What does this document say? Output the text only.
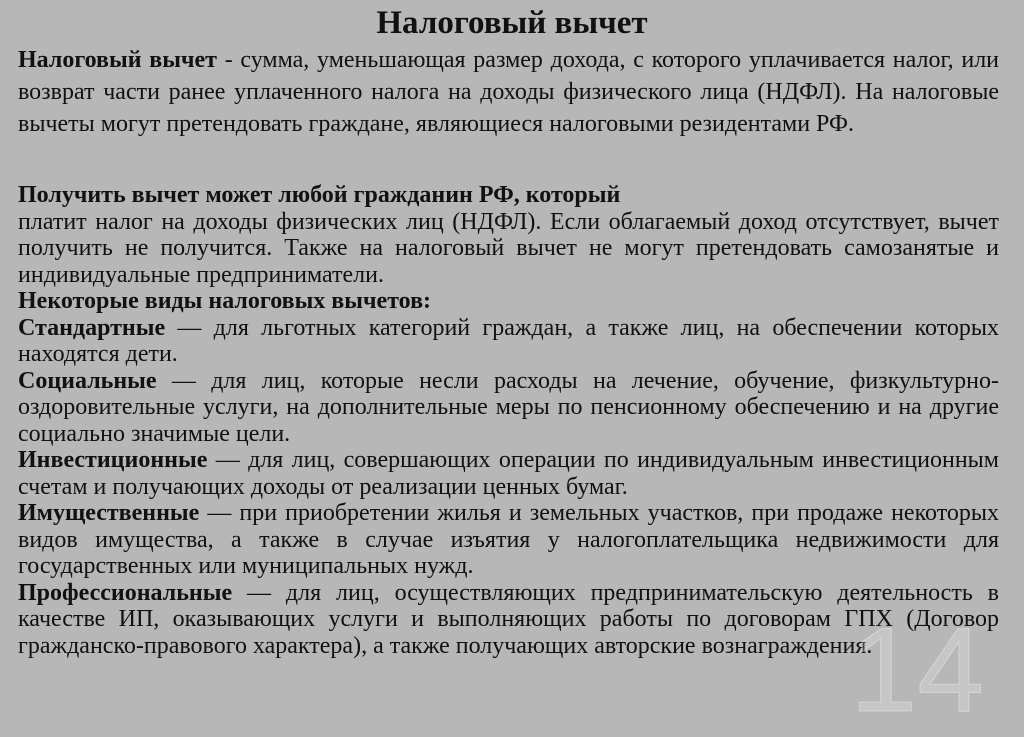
Налоговый вычет

Налоговый вычет - сумма, уменьшающая размер дохода, с которого уплачивается налог, или возврат части ранее уплаченного налога на доходы физического лица (НДФЛ). На налоговые вычеты могут претендовать граждане, являющиеся налоговыми резидентами РФ.

Получить вычет может любой гражданин РФ, который

платит налог на доходы физических лиц (НДФЛ). Если облагаемый доход отсутствует, вычет получить не получится. Также на налоговый вычет не могут претендовать самозанятые и индивидуальные предприниматели.

Некоторые виды налоговых вычетов:

Стандартные — для льготных категорий граждан, а также лиц, на обеспечении которых находятся дети.

Социальные — для лиц, которые несли расходы на лечение, обучение, физкультурно-оздоровительные услуги, на дополнительные меры по пенсионному обеспечению и на другие социально значимые цели.

Инвестиционные — для лиц, совершающих операции по индивидуальным инвестиционным счетам и получающих доходы от реализации ценных бумаг.

Имущественные — при приобретении жилья и земельных участков, при продаже некоторых видов имущества, а также в случае изъятия у налогоплательщика недвижимости для государственных или муниципальных нужд.

Профессиональные — для лиц, осуществляющих предпринимательскую деятельность в качестве ИП, оказывающих услуги и выполняющих работы по договорам ГПХ (Договор гражданско-правового характера), а также получающих авторские вознаграждения.

14
